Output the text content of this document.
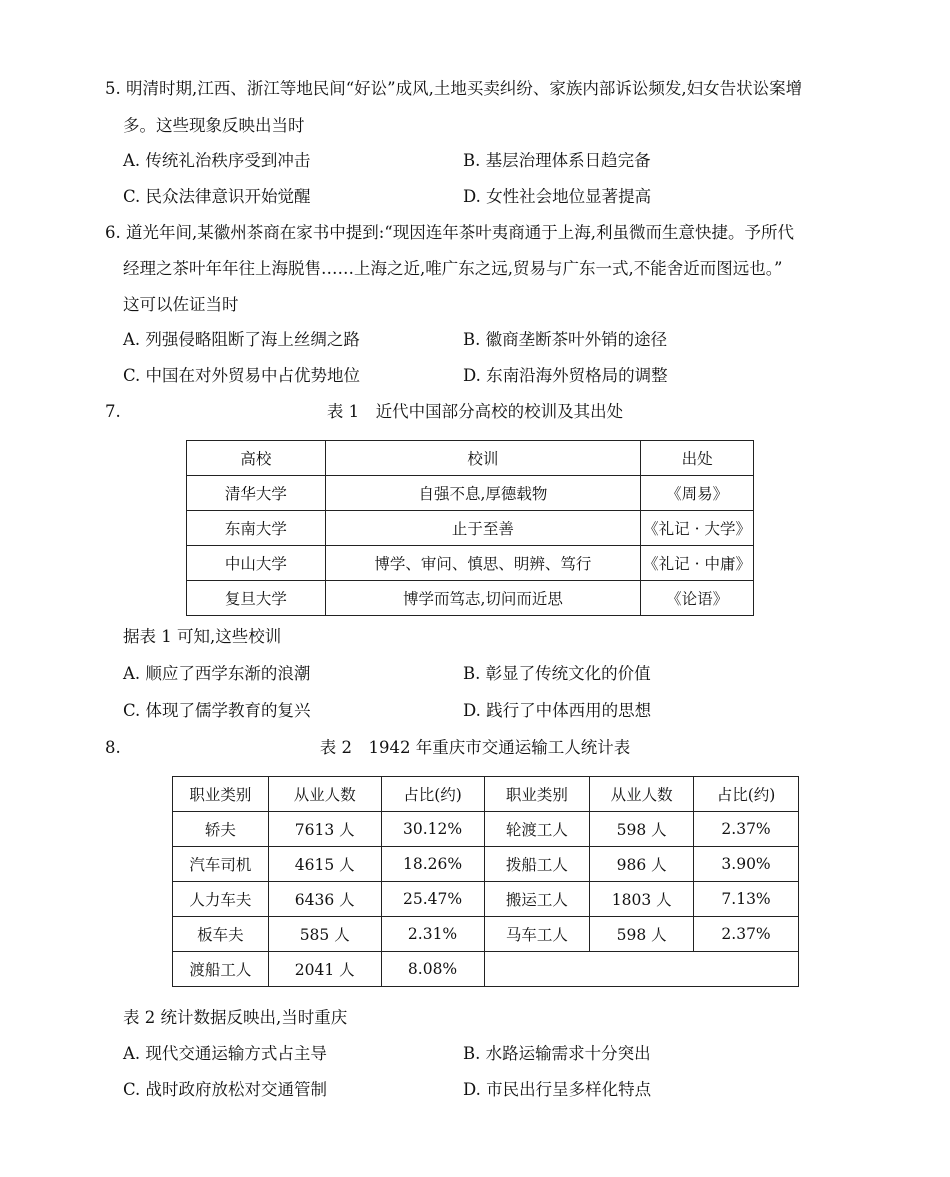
5. 明清时期,江西、浙江等地民间“好讼”成风,土地买卖纠纷、家族内部诉讼频发,妇女告状讼案增
多。这些现象反映出当时
A. 传统礼治秩序受到冲击	B. 基层治理体系日趋完备
C. 民众法律意识开始觉醒	D. 女性社会地位显著提高
6. 道光年间,某徽州茶商在家书中提到:“现因连年茶叶夷商通于上海,利虽微而生意快捷。予所代
经理之茶叶年年往上海脱售……上海之近,唯广东之远,贸易与广东一式,不能舍近而图远也。”
这可以佐证当时
A. 列强侵略阻断了海上丝绸之路	B. 徽商垄断茶叶外销的途径
C. 中国在对外贸易中占优势地位	D. 东南沿海外贸格局的调整
7.	表 1　近代中国部分高校的校训及其出处
高校	校训	出处
清华大学	自强不息,厚德载物	《周易》
东南大学	止于至善	《礼记 · 大学》
中山大学	博学、审问、慎思、明辨、笃行	《礼记 · 中庸》
复旦大学	博学而笃志,切问而近思	《论语》
据表 1 可知,这些校训
A. 顺应了西学东渐的浪潮	B. 彰显了传统文化的价值
C. 体现了儒学教育的复兴	D. 践行了中体西用的思想
8.	表 2　1942 年重庆市交通运输工人统计表
职业类别	从业人数	占比(约)	职业类别	从业人数	占比(约)
轿夫	7613 人	30.12%	轮渡工人	598 人	2.37%
汽车司机	4615 人	18.26%	拨船工人	986 人	3.90%
人力车夫	6436 人	25.47%	搬运工人	1803 人	7.13%
板车夫	585 人	2.31%	马车工人	598 人	2.37%
渡船工人	2041 人	8.08%			
表 2 统计数据反映出,当时重庆
A. 现代交通运输方式占主导	B. 水路运输需求十分突出
C. 战时政府放松对交通管制	D. 市民出行呈多样化特点
